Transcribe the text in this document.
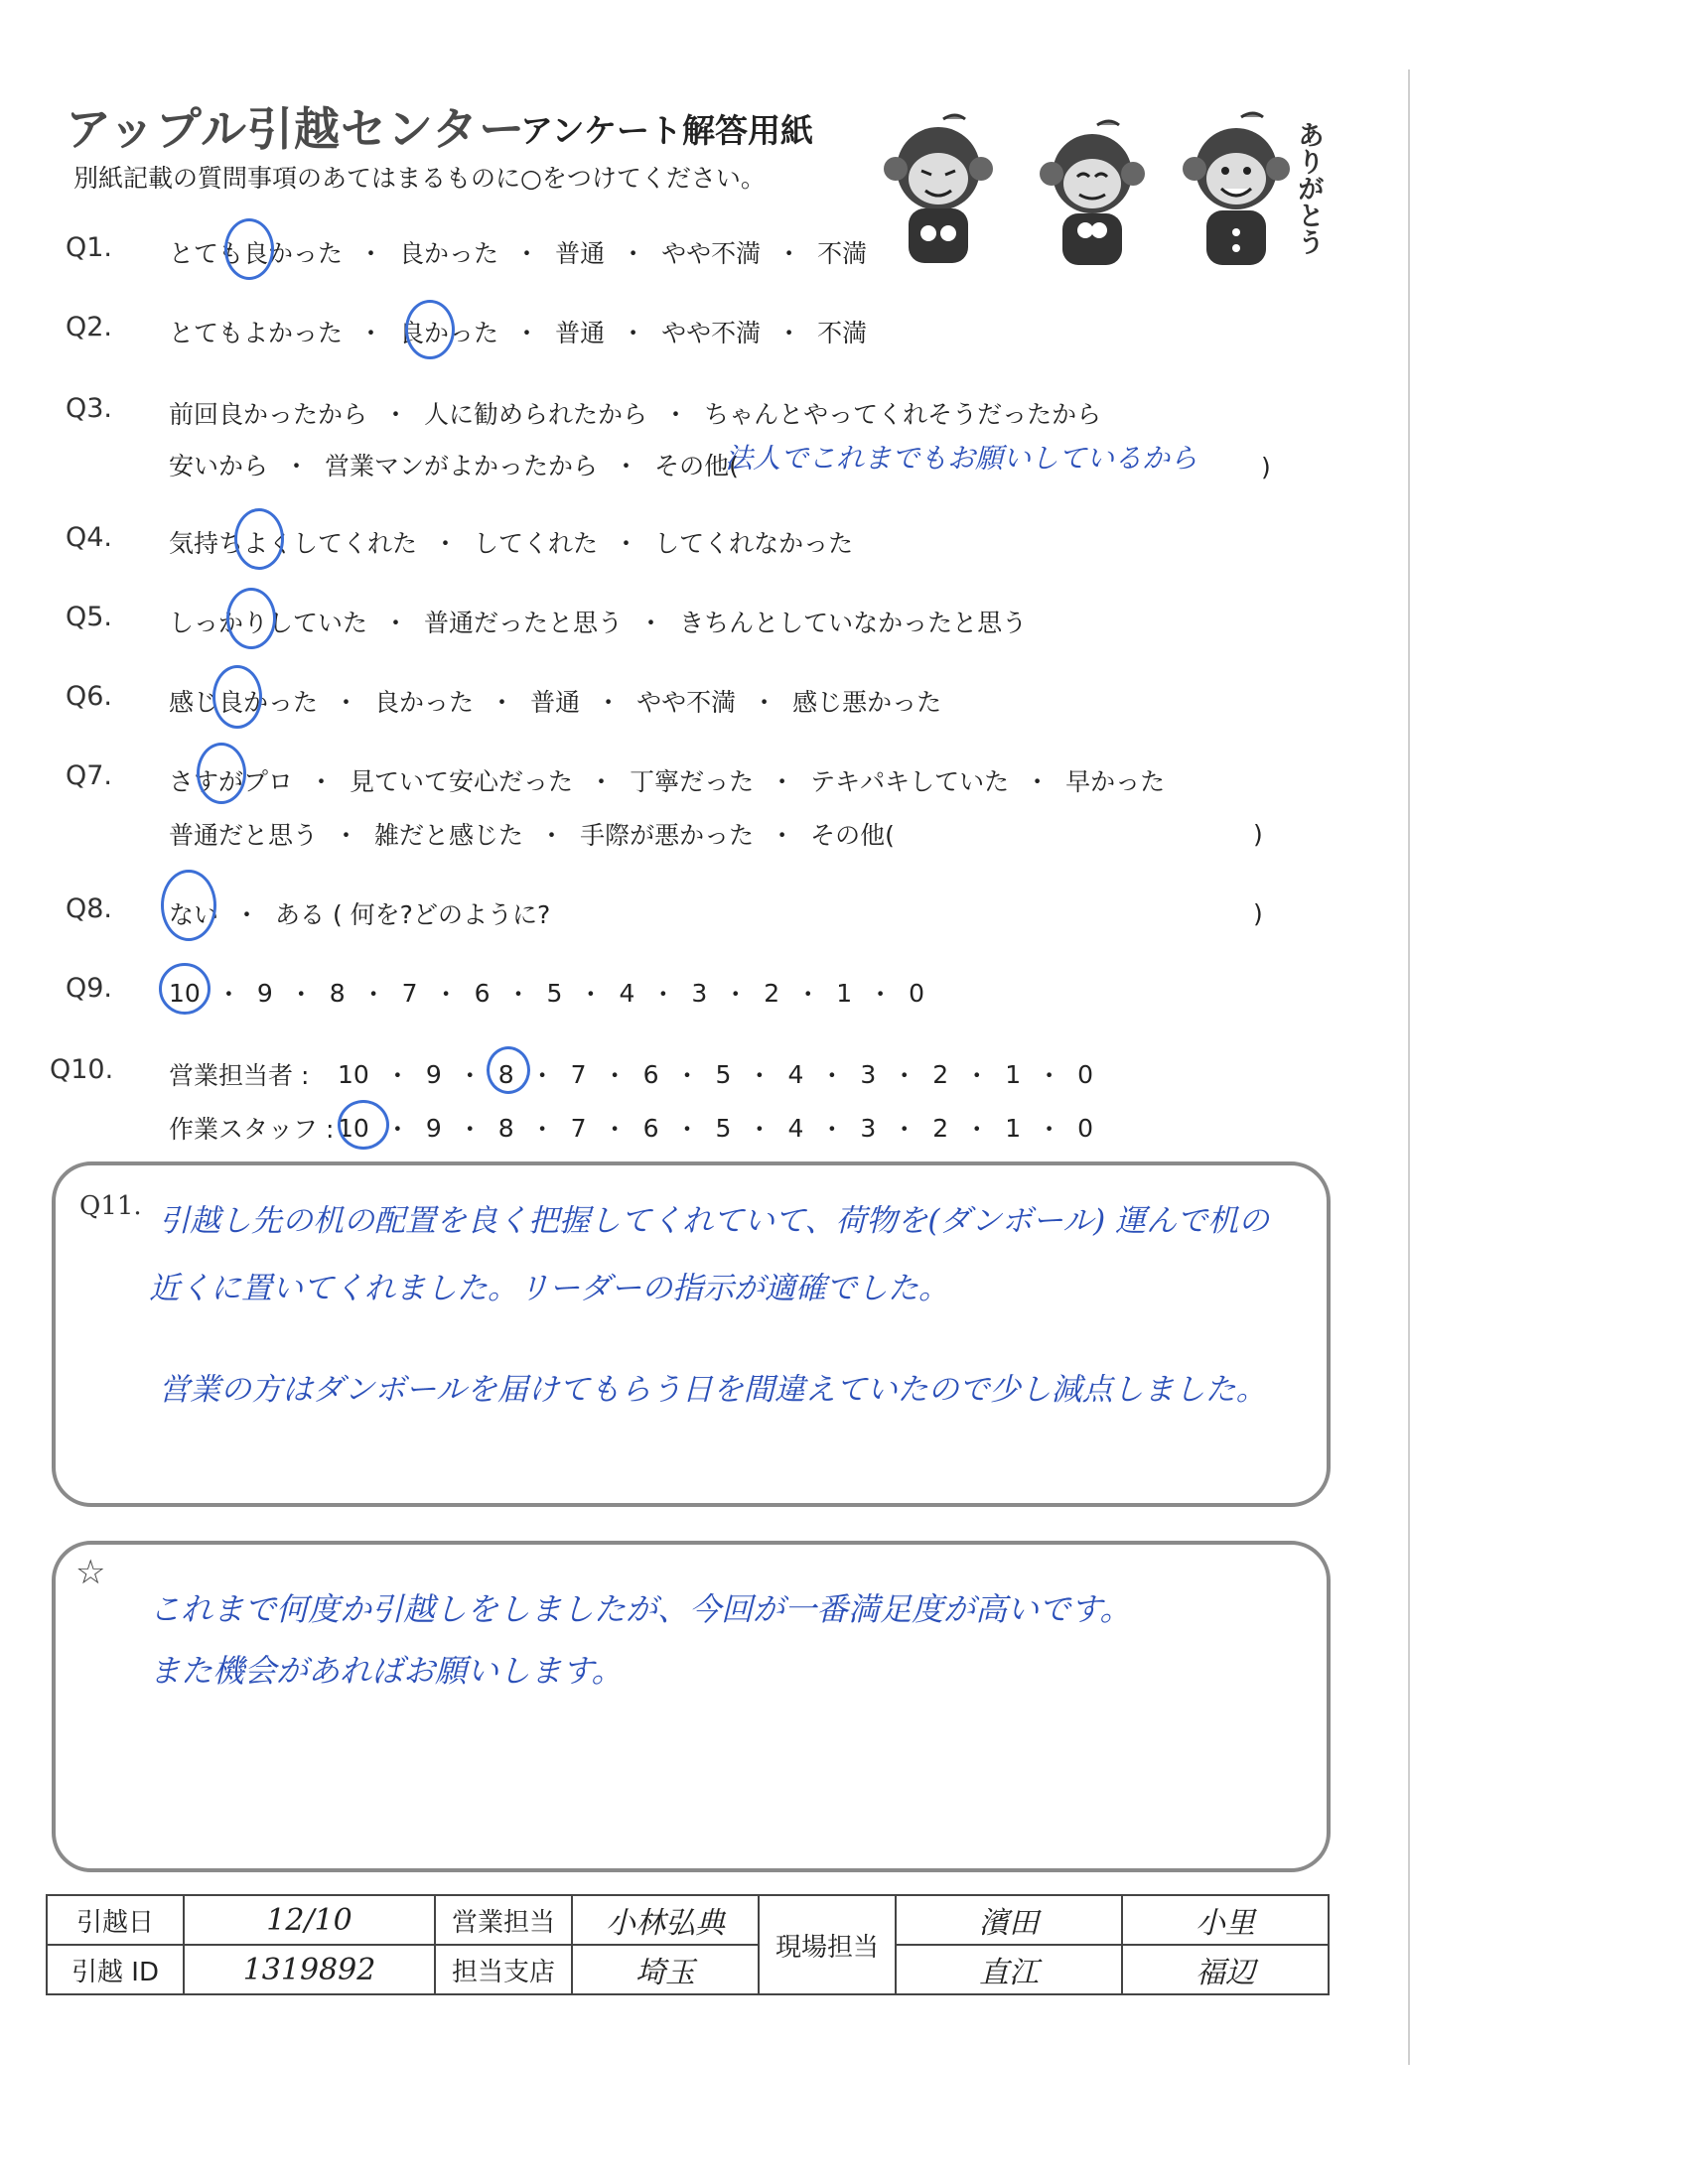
アップル引越センター
アンケート解答用紙
別紙記載の質問事項のあてはまるものに○をつけてください。	ありがとう
Q1. とても良かった ・ 良かった ・ 普通 ・ やや不満 ・ 不満
Q2. とてもよかった ・ 良かった ・ 普通 ・ やや不満 ・ 不満
Q3. 前回良かったから ・ 人に勧められたから ・ ちゃんとやってくれそうだったから
安いから ・ 営業マンがよかったから ・ その他(
法人でこれまでもお願いしているから	)
Q4. 気持ちよくしてくれた ・ してくれた ・ してくれなかった
Q5. しっかりしていた ・ 普通だったと思う ・ きちんとしていなかったと思う
Q6. 感じ良かった ・ 良かった ・ 普通 ・ やや不満 ・ 感じ悪かった
Q7. さすがプロ ・ 見ていて安心だった ・ 丁寧だった ・ テキパキしていた ・ 早かった
普通だと思う ・ 雑だと感じた ・ 手際が悪かった ・ その他(	)
Q8. ない ・ ある ( 何を?どのように?	)
Q9. 10 ・ 9 ・ 8 ・ 7 ・ 6 ・ 5 ・ 4 ・ 3 ・ 2 ・ 1 ・ 0
Q10. 営業担当者 :	10 ・ 9 ・ 8 ・ 7 ・ 6 ・ 5 ・ 4 ・ 3 ・ 2 ・ 1 ・ 0
作業スタッフ : 10 ・ 9 ・ 8 ・ 7 ・ 6 ・ 5 ・ 4 ・ 3 ・ 2 ・ 1 ・ 0
Q11. 引越し先の机の配置を良く把握してくれていて、荷物を(ダンボール) 運んで机の
近くに置いてくれました。リーダーの指示が適確でした。
営業の方はダンボールを届けてもらう日を間違えていたので少し減点しました。
☆
これまで何度か引越しをしましたが、今回が一番満足度が高いです。
また機会があればお願いします。
引越日	12/10	営業担当	小林弘典	現場担当	濱田	小里
引越 ID	1319892	担当支店	埼玉		直江	福辺
